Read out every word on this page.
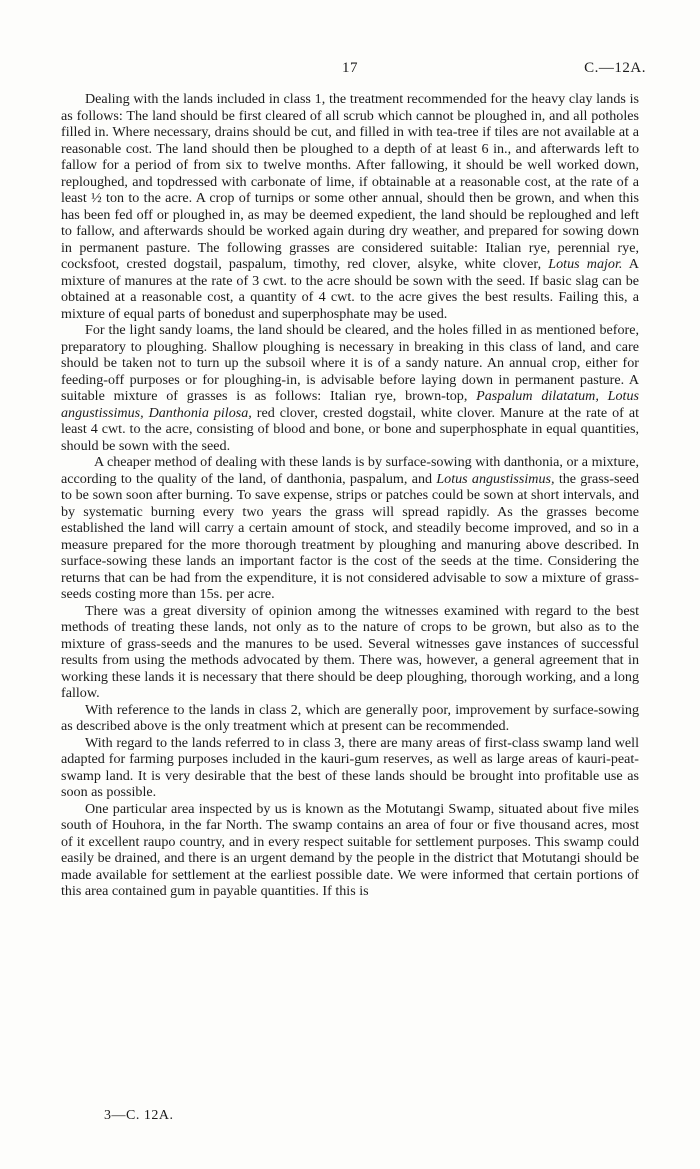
17	C.—12A.

Dealing with the lands included in class 1, the treatment recommended for the heavy clay lands is as follows: The land should be first cleared of all scrub which cannot be ploughed in, and all potholes filled in. Where necessary, drains should be cut, and filled in with tea-tree if tiles are not available at a reasonable cost. The land should then be ploughed to a depth of at least 6 in., and afterwards left to fallow for a period of from six to twelve months. After fallowing, it should be well worked down, reploughed, and topdressed with carbonate of lime, if obtainable at a reasonable cost, at the rate of a least ½ ton to the acre. A crop of turnips or some other annual, should then be grown, and when this has been fed off or ploughed in, as may be deemed expedient, the land should be reploughed and left to fallow, and afterwards should be worked again during dry weather, and prepared for sowing down in permanent pasture. The following grasses are considered suitable: Italian rye, perennial rye, cocksfoot, crested dogstail, paspalum, timothy, red clover, alsyke, white clover, Lotus major. A mixture of manures at the rate of 3 cwt. to the acre should be sown with the seed. If basic slag can be obtained at a reasonable cost, a quantity of 4 cwt. to the acre gives the best results. Failing this, a mixture of equal parts of bonedust and superphosphate may be used.

For the light sandy loams, the land should be cleared, and the holes filled in as mentioned before, preparatory to ploughing. Shallow ploughing is necessary in breaking in this class of land, and care should be taken not to turn up the subsoil where it is of a sandy nature. An annual crop, either for feeding-off purposes or for ploughing-in, is advisable before laying down in permanent pasture. A suitable mixture of grasses is as follows: Italian rye, brown-top, Paspalum dilatatum, Lotus angustissimus, Danthonia pilosa, red clover, crested dogstail, white clover. Manure at the rate of at least 4 cwt. to the acre, consisting of blood and bone, or bone and superphosphate in equal quantities, should be sown with the seed.

A cheaper method of dealing with these lands is by surface-sowing with danthonia, or a mixture, according to the quality of the land, of danthonia, paspalum, and Lotus angustissimus, the grass-seed to be sown soon after burning. To save expense, strips or patches could be sown at short intervals, and by systematic burning every two years the grass will spread rapidly. As the grasses become established the land will carry a certain amount of stock, and steadily become improved, and so in a measure prepared for the more thorough treatment by ploughing and manuring above described. In surface-sowing these lands an important factor is the cost of the seeds at the time. Considering the returns that can be had from the expenditure, it is not considered advisable to sow a mixture of grass-seeds costing more than 15s. per acre.

There was a great diversity of opinion among the witnesses examined with regard to the best methods of treating these lands, not only as to the nature of crops to be grown, but also as to the mixture of grass-seeds and the manures to be used. Several witnesses gave instances of successful results from using the methods advocated by them. There was, however, a general agreement that in working these lands it is necessary that there should be deep ploughing, thorough working, and a long fallow.

With reference to the lands in class 2, which are generally poor, improvement by surface-sowing as described above is the only treatment which at present can be recommended.

With regard to the lands referred to in class 3, there are many areas of first-class swamp land well adapted for farming purposes included in the kauri-gum reserves, as well as large areas of kauri-peat-swamp land. It is very desirable that the best of these lands should be brought into profitable use as soon as possible.

One particular area inspected by us is known as the Motutangi Swamp, situated about five miles south of Houhora, in the far North. The swamp contains an area of four or five thousand acres, most of it excellent raupo country, and in every respect suitable for settlement purposes. This swamp could easily be drained, and there is an urgent demand by the people in the district that Motutangi should be made available for settlement at the earliest possible date. We were informed that certain portions of this area contained gum in payable quantities. If this is

3—C. 12A.
